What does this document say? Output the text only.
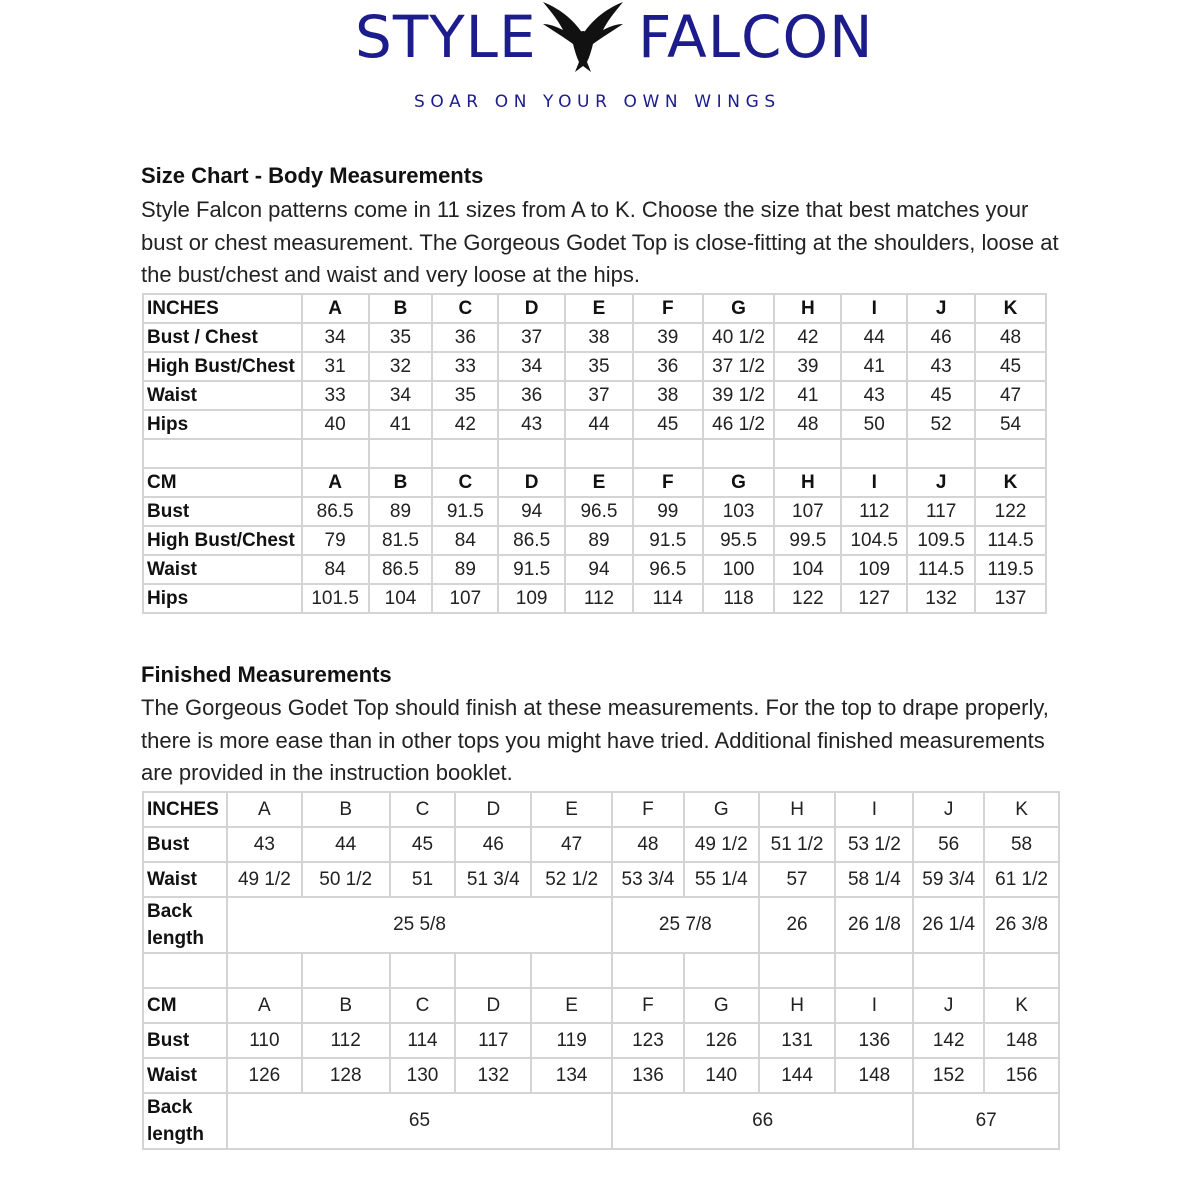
STYLE FALCON
SOAR ON YOUR OWN WINGS
Size Chart - Body Measurements
Style Falcon patterns come in 11 sizes from A to K. Choose the size that best matches your bust or chest measurement. The Gorgeous Godet Top is close-fitting at the shoulders, loose at the bust/chest and waist and very loose at the hips.
INCHES	A	B	C	D	E	F	G	H	I	J	K
Bust / Chest	34	35	36	37	38	39	40 1/2	42	44	46	48
High Bust/Chest	31	32	33	34	35	36	37 1/2	39	41	43	45
Waist	33	34	35	36	37	38	39 1/2	41	43	45	47
Hips	40	41	42	43	44	45	46 1/2	48	50	52	54

CM	A	B	C	D	E	F	G	H	I	J	K
Bust	86.5	89	91.5	94	96.5	99	103	107	112	117	122
High Bust/Chest	79	81.5	84	86.5	89	91.5	95.5	99.5	104.5	109.5	114.5
Waist	84	86.5	89	91.5	94	96.5	100	104	109	114.5	119.5
Hips	101.5	104	107	109	112	114	118	122	127	132	137
Finished Measurements
The Gorgeous Godet Top should finish at these measurements. For the top to drape properly, there is more ease than in other tops you might have tried. Additional finished measurements are provided in the instruction booklet.
INCHES	A	B	C	D	E	F	G	H	I	J	K
Bust	43	44	45	46	47	48	49 1/2	51 1/2	53 1/2	56	58
Waist	49 1/2	50 1/2	51	51 3/4	52 1/2	53 3/4	55 1/4	57	58 1/4	59 3/4	61 1/2
Back
length	25 5/8					25 7/8		26	26 1/8	26 1/4	26 3/8

CM	A	B	C	D	E	F	G	H	I	J	K
Bust	110	112	114	117	119	123	126	131	136	142	148
Waist	126	128	130	132	134	136	140	144	148	152	156
Back
length	65					66				67	
